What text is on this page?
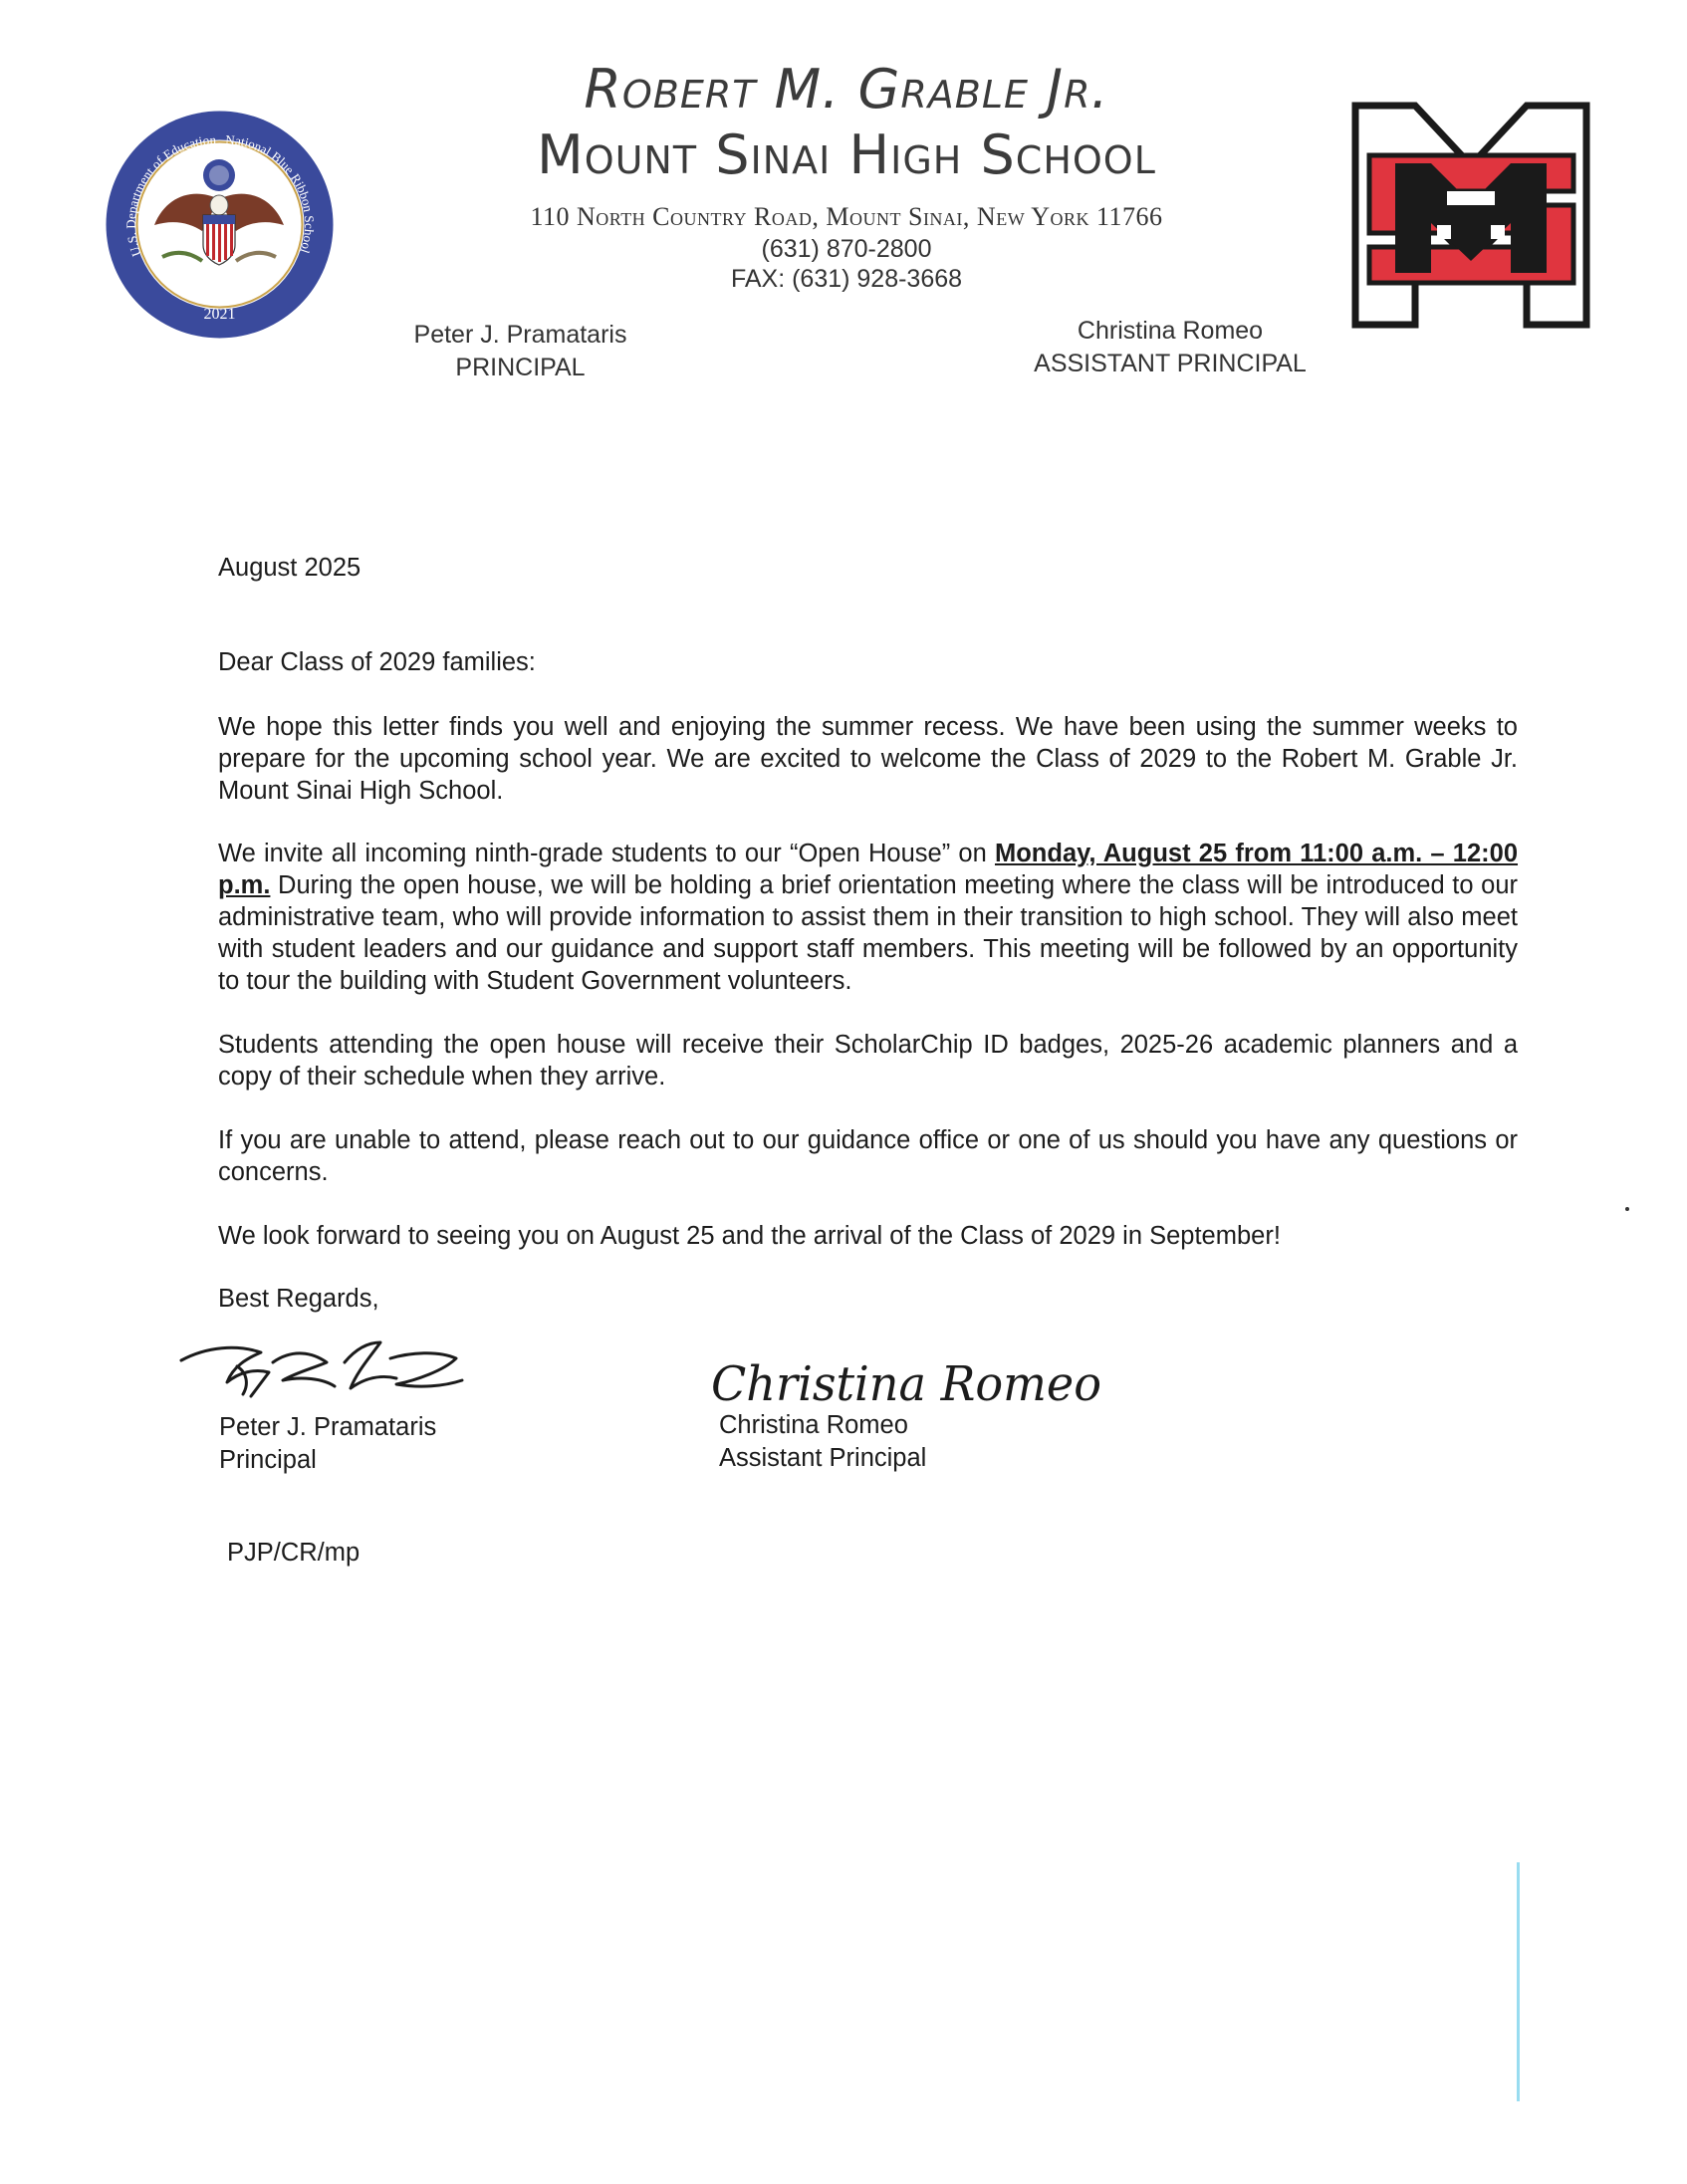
U.S. Department of Education National Blue Ribbon School
2021
Robert M. Grable Jr.
Mount Sinai High School
110 North Country Road, Mount Sinai, New York 11766
(631) 870-2800
FAX: (631) 928-3668
Peter J. Pramataris
PRINCIPAL
Christina Romeo
ASSISTANT PRINCIPAL
August 2025
Dear Class of 2029 families:
We hope this letter finds you well and enjoying the summer recess. We have been using the summer weeks to prepare for the upcoming school year. We are excited to welcome the Class of 2029 to the Robert M. Grable Jr. Mount Sinai High School.
We invite all incoming ninth-grade students to our “Open House” on Monday, August 25 from 11:00 a.m. – 12:00 p.m. During the open house, we will be holding a brief orientation meeting where the class will be introduced to our administrative team, who will provide information to assist them in their transition to high school. They will also meet with student leaders and our guidance and support staff members. This meeting will be followed by an opportunity to tour the building with Student Government volunteers.
Students attending the open house will receive their ScholarChip ID badges, 2025-26 academic planners and a copy of their schedule when they arrive.
If you are unable to attend, please reach out to our guidance office or one of us should you have any questions or concerns.
We look forward to seeing you on August 25 and the arrival of the Class of 2029 in September!
Best Regards,
Peter J. Pramataris
Principal
Christina Romeo
Christina Romeo
Assistant Principal
PJP/CR/mp
